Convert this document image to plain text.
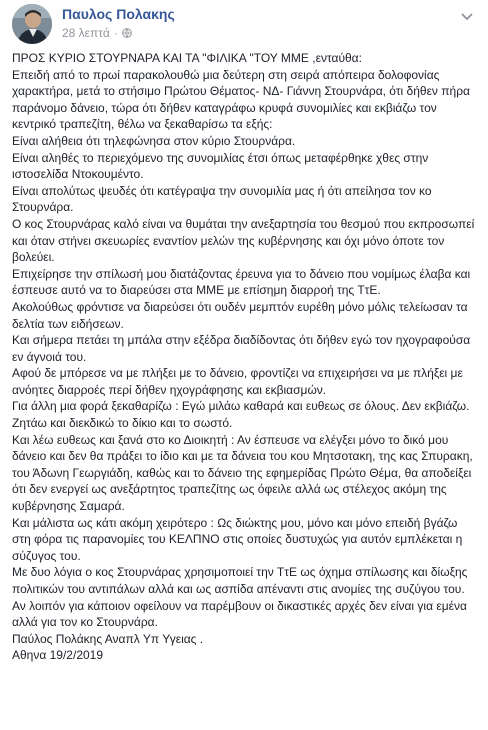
Παυλος Πολακης
28 λεπτά ·

ΠΡΟΣ ΚΥΡΙΟ ΣΤΟΥΡΝΑΡΑ ΚΑΙ ΤΑ "ΦΙΛΙΚΑ "ΤΟΥ ΜΜΕ ,ενταύθα:

Επειδή από το πρωί παρακολουθώ μια δεύτερη στη σειρά απόπειρα δολοφονίας χαρακτήρα, μετά το στήσιμο Πρώτου Θέματος- ΝΔ- Γιάννη Στουρνάρα, ότι δήθεν πήρα παράνομο δάνειο, τώρα ότι δήθεν καταγράφω κρυφά συνομιλίες και εκβιάζω τον κεντρικό τραπεζίτη, θέλω να ξεκαθαρίσω τα εξής:

Είναι αλήθεια ότι τηλεφώνησα στον κύριο Στουρνάρα.

Είναι αληθές το περιεχόμενο της συνομιλίας έτσι όπως μεταφέρθηκε χθες στην ιστοσελίδα Ντοκουμέντο.

Είναι απολύτως ψευδές ότι κατέγραψα την συνομιλία μας ή ότι απείλησα τον κο Στουρνάρα.

Ο κος Στουρνάρας καλό είναι να θυμάται την ανεξαρτησία του θεσμού που εκπροσωπεί και όταν στήνει σκευωρίες εναντίον μελών της κυβέρνησης και όχι μόνο όποτε τον βολεύει.

Επιχείρησε την σπίλωσή μου διατάζοντας έρευνα για το δάνειο που νομίμως έλαβα και έσπευσε αυτό να το διαρεύσει στα ΜΜΕ με επίσημη διαρροή της ΤτΕ.

Ακολούθως φρόντισε να διαρεύσει ότι ουδέν μεμπτόν ευρέθη μόνο μόλις τελείωσαν τα δελτία των ειδήσεων.

Και σήμερα πετάει τη μπάλα στην εξέδρα διαδίδοντας ότι δήθεν εγώ τον ηχογραφούσα εν άγνοιά του.

Αφού δε μπόρεσε να με πλήξει με το δάνειο, φροντίζει να επιχειρήσει να με πλήξει με ανόητες διαρροές περί δήθεν ηχογράφησης και εκβιασμών.

Για άλλη μια φορά ξεκαθαρίζω : Εγώ μιλάω καθαρά και ευθεως σε όλους. Δεν εκβιάζω. Ζητάω και διεκδικώ το δίκιο και το σωστό.

Και λέω ευθεως και ξανά στο κο Διοικητή : Αν έσπευσε να ελέγξει μόνο το δικό μου δάνειο και δεν θα πράξει το ίδιο και με τα δάνεια του κου Μητσοτακη, της κας Σπυρακη, του Άδωνη Γεωργιάδη, καθώς και το δάνειο της εφημερίδας Πρώτο Θέμα, θα αποδείξει ότι δεν ενεργεί ως ανεξάρτητος τραπεζίτης ως όφειλε αλλά ως στέλεχος ακόμη της κυβέρνησης Σαμαρά.

Και μάλιστα ως κάτι ακόμη χειρότερο : Ως διώκτης μου, μόνο και μόνο επειδή βγάζω στη φόρα τις παρανομίες του ΚΕΛΠΝΟ στις οποίες δυστυχώς για αυτόν εμπλέκεται η σύζυγος του.

Με δυο λόγια ο κος Στουρνάρας χρησιμοποιεί την ΤτΕ ως όχημα σπίλωσης και δίωξης πολιτικών του αντιπάλων αλλά και ως ασπίδα απέναντι στις ανομίες της συζύγου του.

Αν λοιπόν για κάποιον οφείλουν να παρέμβουν οι δικαστικές αρχές δεν είναι για εμένα αλλά για τον κο Στουρνάρα.

Παύλος Πολάκης Αναπλ Υπ Υγειας .

Αθηνα 19/2/2019
